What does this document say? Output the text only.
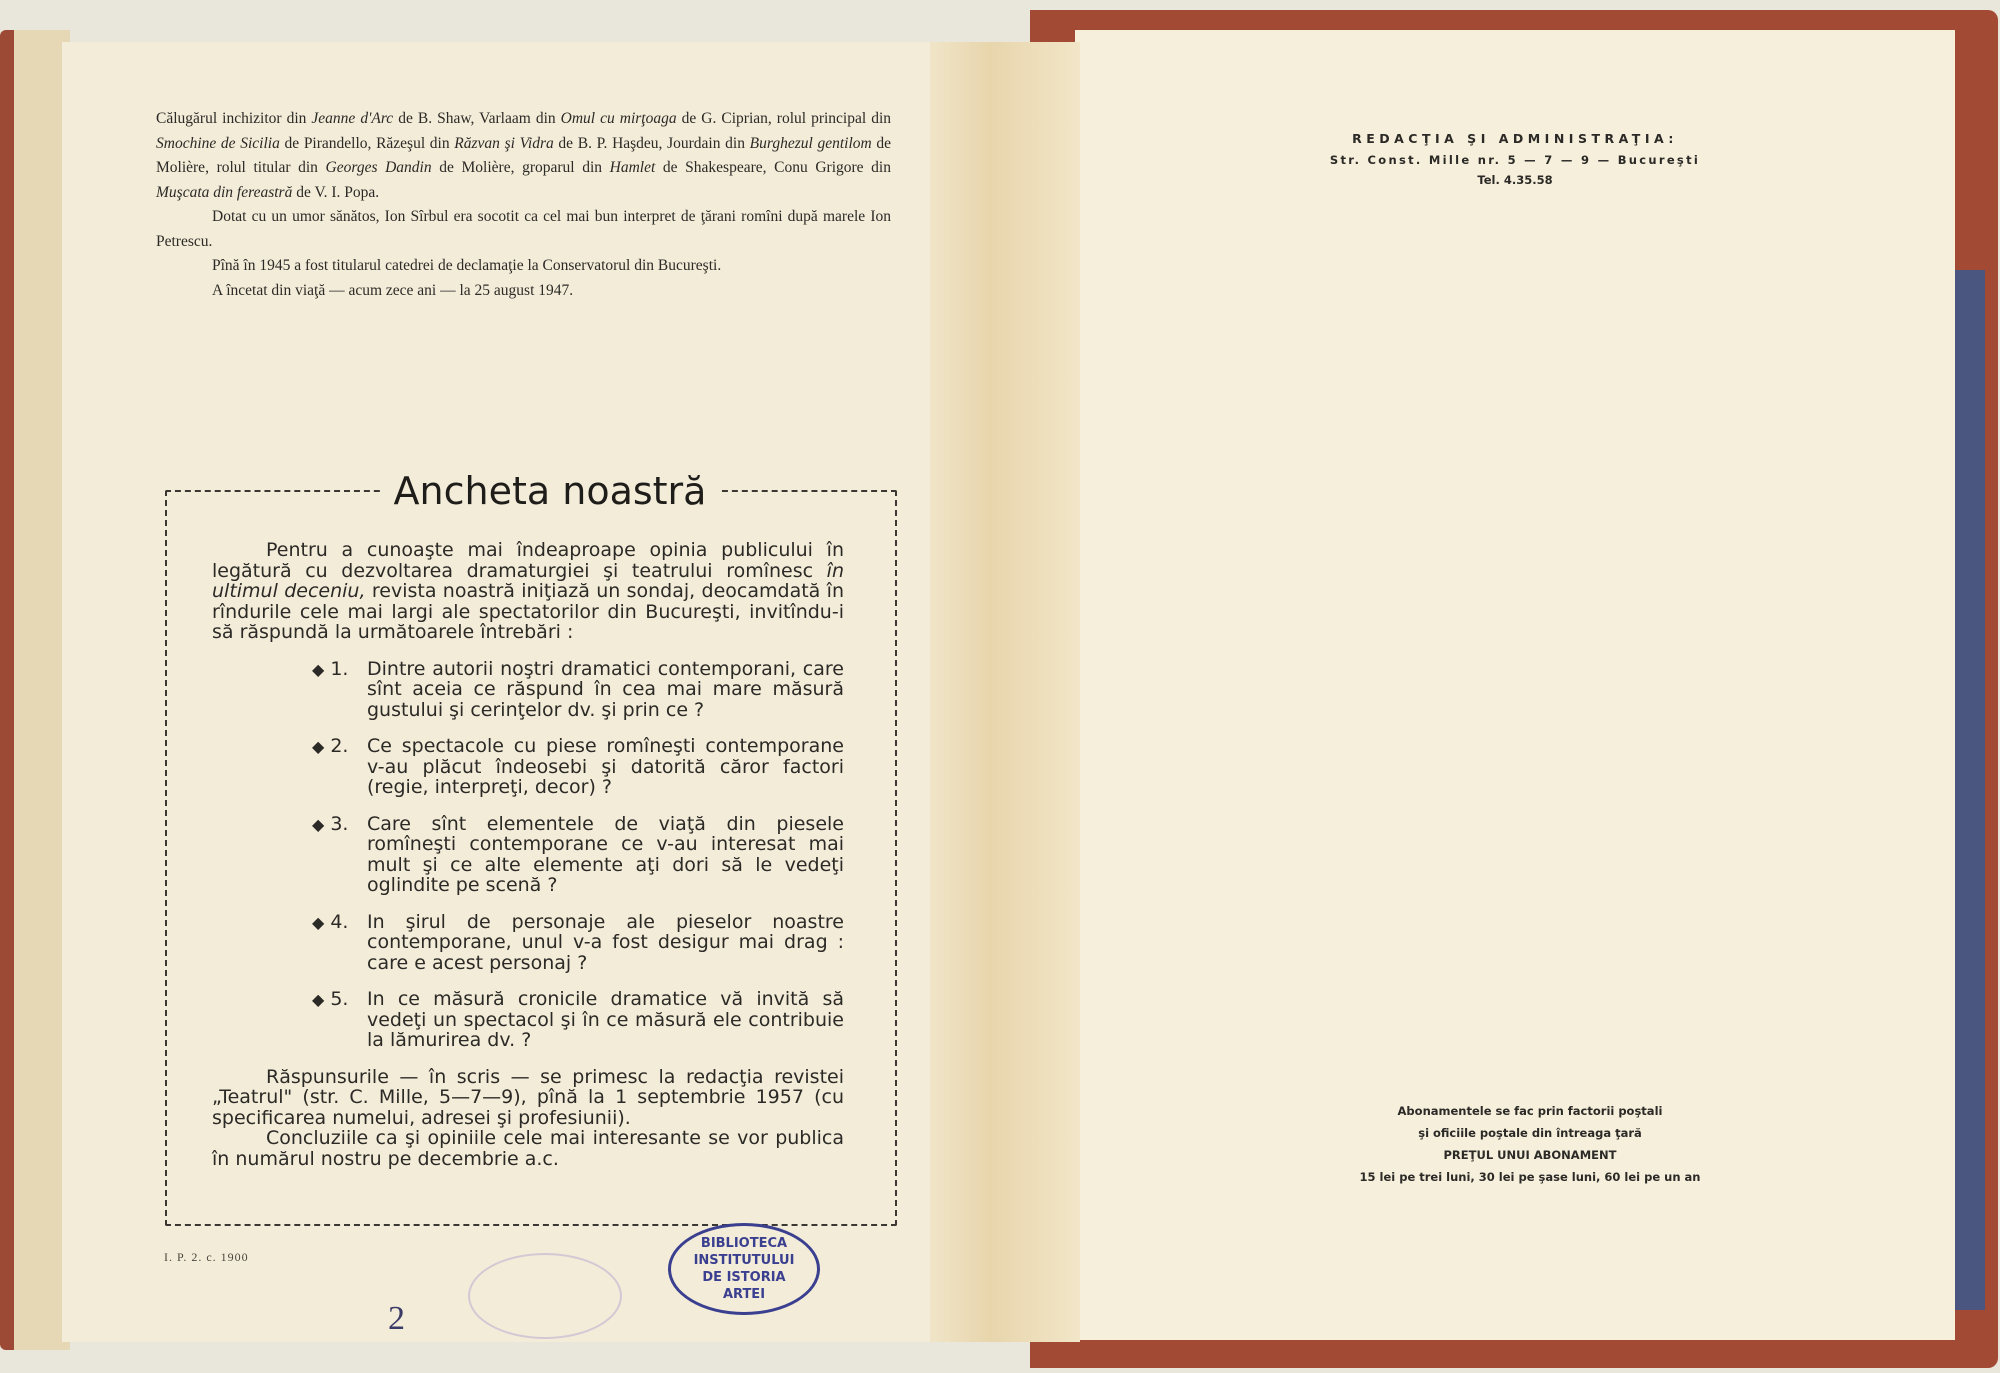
Călugărul inchizitor din Jeanne d'Arc de B. Shaw, Varlaam din Omul cu mirţoaga de G. Ciprian, rolul principal din Smochine de Sicilia de Pirandello, Răzeşul din Răzvan şi Vidra de B. P. Haşdeu, Jourdain din Burghezul gentilom de Molière, rolul titular din Georges Dandin de Molière, groparul din Hamlet de Shakespeare, Conu Grigore din Muşcata din fereastră de V. I. Popa.

Dotat cu un umor sănătos, Ion Sîrbul era socotit ca cel mai bun interpret de ţărani romîni după marele Ion Petrescu.

Pînă în 1945 a fost titularul catedrei de declamaţie la Conservatorul din Bucureşti.

A încetat din viaţă — acum zece ani — la 25 august 1947.

Ancheta noastră

Pentru a cunoaşte mai îndeaproape opinia publicului în legătură cu dezvoltarea dramaturgiei şi teatrului romînesc în ultimul deceniu, revista noastră iniţiază un sondaj, deocamdată în rîndurile cele mai largi ale spectatorilor din Bucureşti, invitîndu-i să răspundă la următoarele întrebări :

◆ 1. Dintre autorii noştri dramatici contemporani, care sînt aceia ce răspund în cea mai mare măsură gustului şi cerinţelor dv. şi prin ce ?
◆ 2. Ce spectacole cu piese romîneşti contemporane v-au plăcut îndeosebi şi datorită căror factori (regie, interpreţi, decor) ?
◆ 3. Care sînt elementele de viaţă din piesele romîneşti contemporane ce v-au interesat mai mult şi ce alte elemente aţi dori să le vedeţi oglindite pe scenă ?
◆ 4. In şirul de personaje ale pieselor noastre contemporane, unul v-a fost desigur mai drag : care e acest personaj ?
◆ 5. In ce măsură cronicile dramatice vă invită să vedeţi un spectacol şi în ce măsură ele contribuie la lămurirea dv. ?

Răspunsurile — în scris — se primesc la redacţia revistei „Teatrul" (str. C. Mille, 5—7—9), pînă la 1 septembrie 1957 (cu specificarea numelui, adresei şi profesiunii).

Concluziile ca şi opiniile cele mai interesante se vor publica în numărul nostru pe decembrie a.c.

I. P. 2. c. 1900
BIBLIOTECA
INSTITUTULUI
DE ISTORIA
ARTEI
2
REDACŢIA ŞI ADMINISTRAŢIA:
Str. Const. Mille nr. 5 — 7 — 9 — Bucureşti
Tel. 4.35.58
Abonamentele se fac prin factorii poştali
şi oficiile poştale din întreaga ţară
PREŢUL UNUI ABONAMENT
15 lei pe trei luni, 30 lei pe şase luni, 60 lei pe un an
